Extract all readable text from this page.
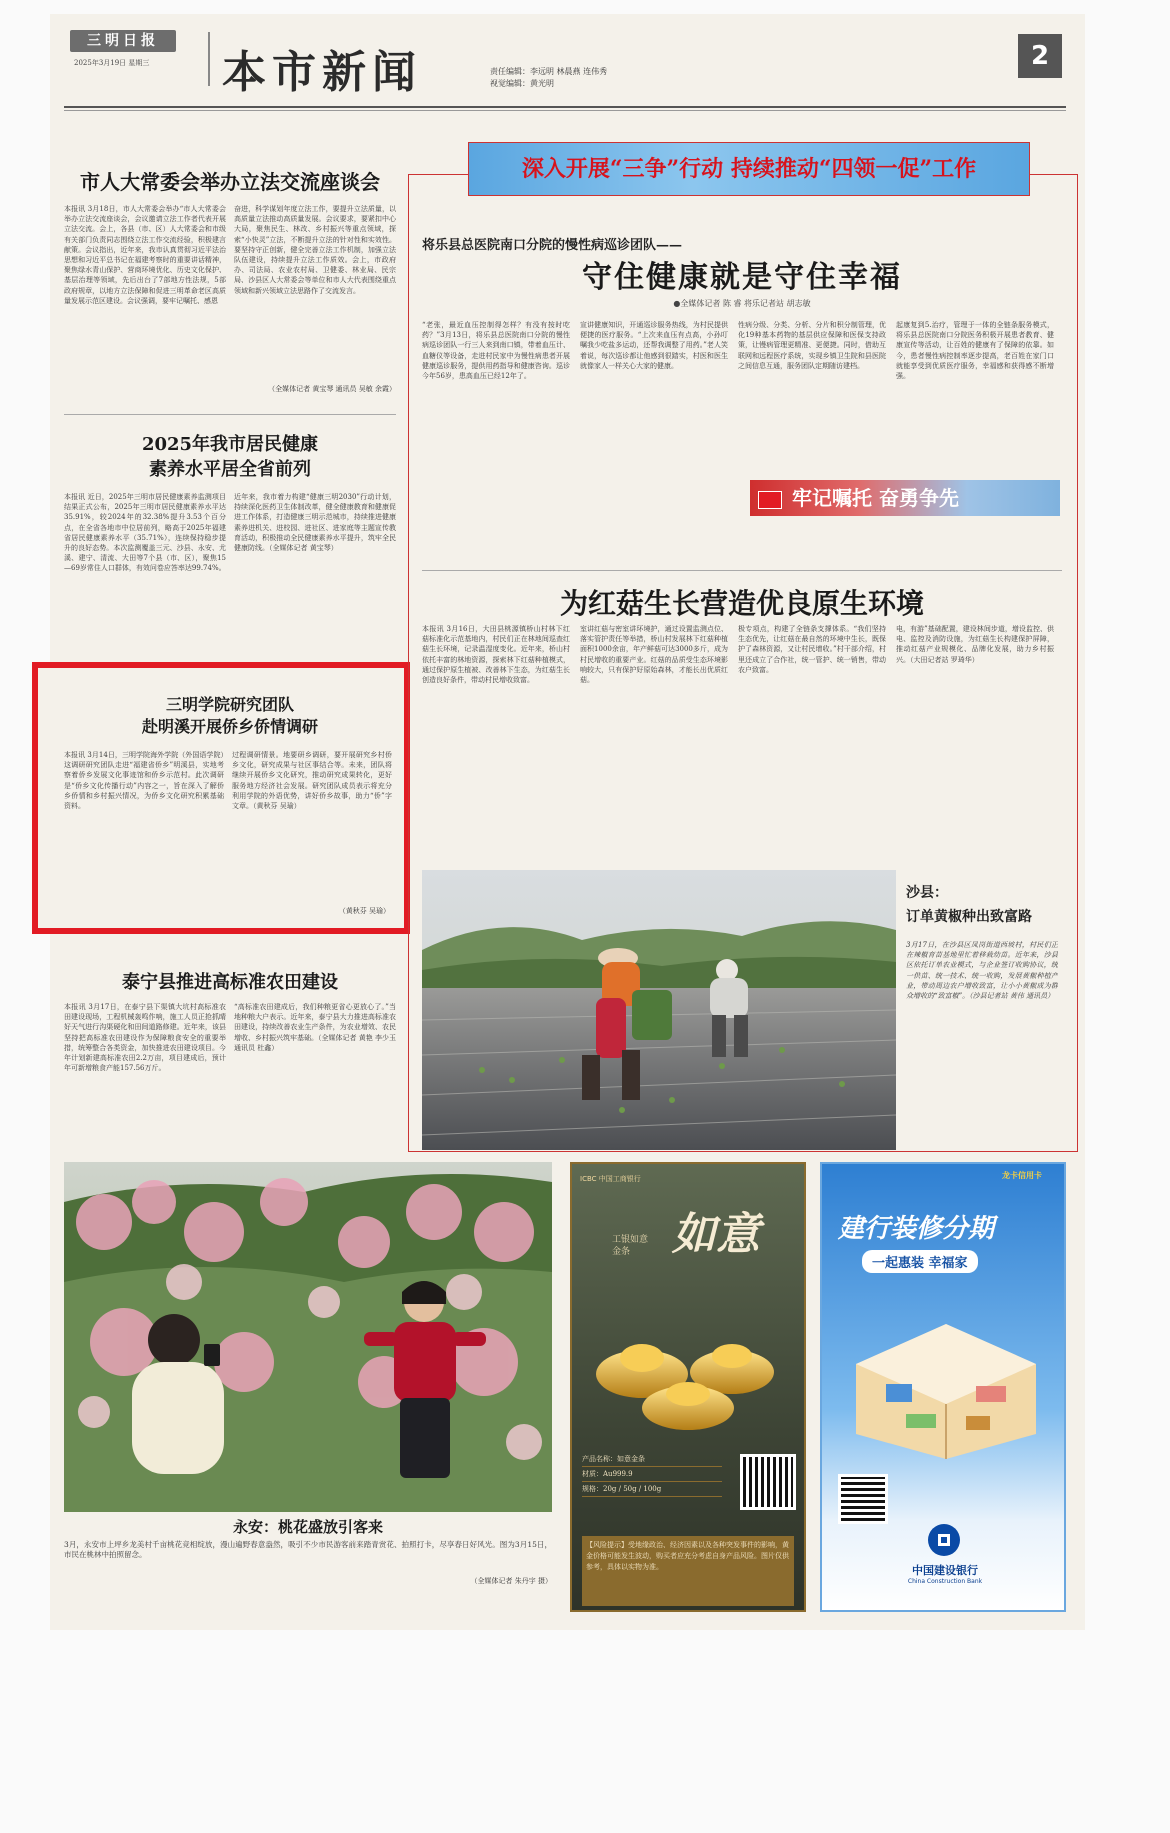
三明日报
2025年3月19日 星期三 本市新闻	责任编辑：李远明 林晨燕 连伟秀
视觉编辑：黄光明
2
市人大常委会举办立法交流座谈会
本报讯 3月18日，市人大常委会举办“市人大常委会举办立法交流座谈会，会议邀请立法工作者代表开展立法交流。会上，各县（市、区）人大常委会和市级有关部门负责同志围绕立法工作交流经验，积极建言献策。会议指出，近年来，我市认真贯彻习近平法治思想和习近平总书记在福建考察时的重要讲话精神，聚焦绿水青山保护、营商环境优化、历史文化保护、基层治理等领域，先后出台了7部地方性法规，5部政府规章，以地方立法保障和促进三明革命老区高质量发展示范区建设。会议强调，要牢记嘱托、感恩
奋进，科学谋划年度立法工作，要提升立法质量，以高质量立法推动高质量发展。会议要求，要紧扣中心大局，聚焦民生、林改、乡村振兴等重点领域，探索“小快灵”立法，不断提升立法的针对性和实效性。要坚持守正创新，健全完善立法工作机制，加强立法队伍建设，持续提升立法工作质效。会上，市政府办、司法局、农业农村局、卫健委、林业局、民宗局、沙县区人大常委会等单位和市人大代表围绕重点领域和新兴领域立法思路作了交流发言。
（全媒体记者 黄宝琴 通讯员 吴敏 余霞）
2025年我市居民健康素养水平居全省前列
本报讯 近日，2025年三明市居民健康素养监测项目结果正式公布，2025年三明市居民健康素养水平达35.91%，较2024年的32.38%提升3.53个百分点，在全省各地市中位居前列，略高于2025年福建省居民健康素养水平（35.71%），连续保持稳步提升的良好态势。本次监测覆盖三元、沙县、永安、尤溪、建宁、清流、大田等7个县（市、区），聚焦15—69岁常住人口群体，有效问卷应答率达99.74%。
近年来，我市着力构建“健康三明2030”行动计划，持续深化医药卫生体制改革，健全健康教育和健康促进工作体系，打造健康三明示范城市，持续推进健康素养进机关、进校园、进社区、进家庭等主题宣传教育活动，积极推动全民健康素养水平提升，筑牢全民健康防线。（全媒体记者 黄宝琴）
三明学院研究团队
赴明溪开展侨乡侨情调研
本报讯 3月14日，三明学院海外学院（外国语学院）这调研研究团队走进“福建省侨乡”明溪县，实地考察着侨乡发展文化事迹馆和侨乡示范村。此次调研是“侨乡文化传播行动”内容之一，旨在深入了解侨乡侨情和乡村振兴情况，为侨乡文化研究积累基础资料。
过程调研情景。地要研乡调研，要开展研究乡村侨乡文化，研究成果与社区事结合等。未来，团队将继续开展侨乡文化研究，推动研究成果转化，更好服务地方经济社会发展。研究团队成员表示将充分利用学院的外语优势，讲好侨乡故事，助力“侨”字文章。（黄秋芬 吴瑜）
（黄秋芬 吴瑜）
泰宁县推进高标准农田建设
本报讯 3月17日，在泰宁县下渠镇大坑村高标准农田建设现场，工程机械轰鸣作响，施工人员正抢抓晴好天气进行沟渠硬化和田间道路修建。近年来，该县坚持把高标准农田建设作为保障粮食安全的重要举措，统筹整合各类资金，加快推进农田建设项目。今年计划新建高标准农田2.2万亩，项目建成后，预计年可新增粮食产能157.56万斤。
“高标准农田建成后，我们种粮更省心更放心了。”当地种粮大户表示。近年来，泰宁县大力推进高标准农田建设，持续改善农业生产条件，为农业增效、农民增收、乡村振兴筑牢基础。（全媒体记者 黄艳 李少玉 通讯员 杜鑫）
深入开展“三争”行动 持续推动“四领一促”工作
将乐县总医院南口分院的慢性病巡诊团队——
守住健康就是守住幸福
●全媒体记者 陈 睿 将乐记者站 胡志敏
“老张，最近血压控制得怎样？有没有按时吃药？”3月13日，将乐县总医院南口分院的慢性病巡诊团队一行三人来到南口镇，带着血压计、血糖仪等设备，走进村民家中为慢性病患者开展健康巡诊服务，提供用药指导和健康咨询。巡诊今年56岁，患高血压已经12年了。
宣讲健康知识，开通巡诊服务热线，为村民提供便捷的医疗服务。“上次来血压有点高，小孙叮嘱我少吃盐多运动，还帮我调整了用药。”老人笑着说，每次巡诊都让他感到很踏实，村医和医生就像家人一样关心大家的健康。
性病分级、分类、分析、分片和积分制管理，优化19种基本药物的基层供应保障和医保支持政策，让慢病管理更精准、更便捷。同时，借助互联网和远程医疗系统，实现乡镇卫生院和县医院之间信息互通，服务团队定期随访建档。
起康复到5.治疗，管理于一体的全链条服务模式，将乐县总医院南口分院医务积极开展患者教育、健康宣传等活动，让百姓的健康有了保障的依靠。如今，患者慢性病控制率逐步提高，老百姓在家门口就能享受到优质医疗服务，幸福感和获得感不断增强。
牢记嘱托 奋勇争先
为红菇生长营造优良原生环境
本报讯 3月16日，大田县桃源镇桥山村林下红菇标准化示范基地内，村民们正在林地间巡查红菇生长环境，记录温湿度变化。近年来，桥山村依托丰富的林地资源，探索林下红菇种植模式，通过保护原生植被、改善林下生态，为红菇生长创造良好条件，带动村民增收致富。
室讲红菇与密室讲环境护，通过设置监测点位、落实管护责任等举措，桥山村发展林下红菇种植面积1000余亩，年产鲜菇可达3000多斤，成为村民增收的重要产业。红菇的品质受生态环境影响较大，只有保护好原始森林，才能长出优质红菇。
极专项点，构建了全链条支撑体系。“我们坚持生态优先，让红菇在最自然的环境中生长，既保护了森林资源，又让村民增收。”村干部介绍，村里还成立了合作社，统一管护、统一销售，带动农户致富。
电，有游”基础配置，建设林间步道，增设监控、供电、监控及消防设施，为红菇生长构建保护屏障，推动红菇产业规模化、品牌化发展，助力乡村振兴。（大田记者站 罗琦华）
沙县：
订单黄椒种出致富路
3月17日，在沙县区凤岗街道西坡村，村民们正在辣椒育苗基地里忙着移栽幼苗。近年来，沙县区依托订单农业模式，与企业签订收购协议，统一供苗、统一技术、统一收购，发展黄椒种植产业，带动周边农户增收致富，让小小黄椒成为群众增收的“致富椒”。（沙县记者站 黄伟 通讯员）
永安：桃花盛放引客来
3月，永安市上坪乡龙美村千亩桃花竞相绽放，漫山遍野春意盎然，吸引不少市民游客前来踏青赏花、拍照打卡，尽享春日好风光。图为3月15日，市民在桃林中拍照留念。
（全媒体记者 朱丹宇 摄）
ICBC 中国工商银行
如意
工银如意金条
产品名称：如意金条
材质：Au999.9
规格：20g / 50g / 100g
【风险提示】受地缘政治、经济因素以及各种突发事件的影响，黄金价格可能发生波动，购买者应充分考虑自身产品风险。图片仅供参考，具体以实物为准。
龙卡信用卡
建行装修分期
一起惠装 幸福家
中国建设银行
China Construction Bank
